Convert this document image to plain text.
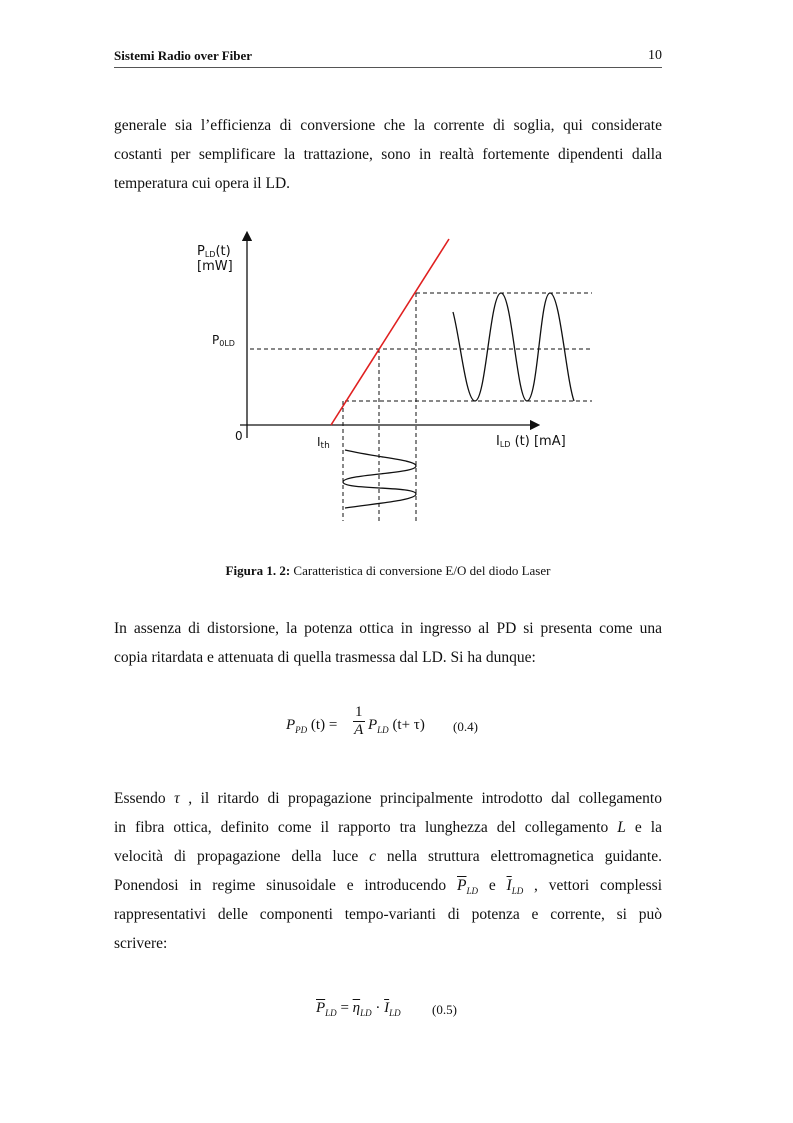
Sistemi Radio over Fiber	10
generale sia l’efficienza di conversione che la corrente di soglia, qui considerate
costanti per semplificare la trattazione, sono in realtà fortemente dipendenti dalla
temperatura cui opera il LD.
PLD(t)
[mW]
P0LD
0	Ith	ILD (t) [mA]
Figura 1. 2: Caratteristica di conversione E/O del diodo Laser
In assenza di distorsione, la potenza ottica in ingresso al PD si presenta come una
copia ritardata e attenuata di quella trasmessa dal LD. Si ha dunque:
$P_{PD}$ $(t) = \frac{1}{A} P_{LD}$ (t+ τ) (0.4)
Essendo τ , il ritardo di propagazione principalmente introdotto dal collegamento
in fibra ottica, definito come il rapporto tra lunghezza del collegamento L e la
velocità di propagazione della luce c nella struttura elettromagnetica guidante.
Ponendosi in regime sinusoidale e introducendo $\overline{P}_{LD}$ e $\overline{I}_{LD}$ , vettori complessi
rappresentativi delle componenti tempo-varianti di potenza e corrente, si può
scrivere:
$\overline{P}_{LD} = \overline{\eta}_{LD} \cdot \overline{I}_{LD}$ (0.5)
